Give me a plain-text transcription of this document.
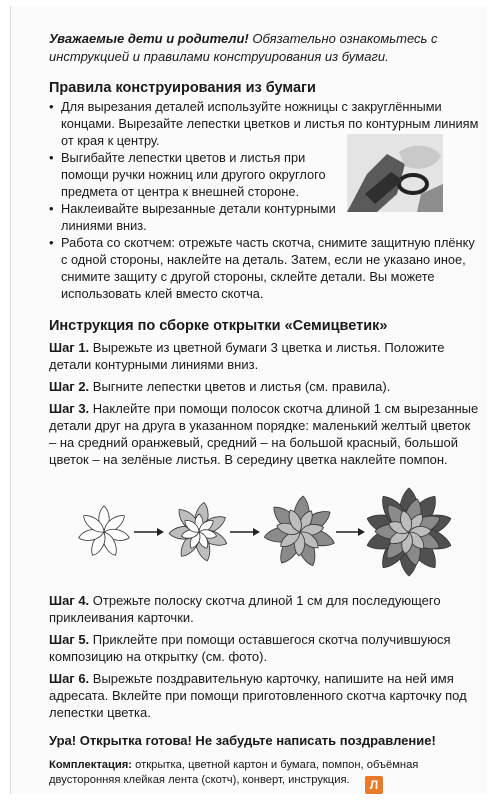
Уважаемые дети и родители! Обязательно ознакомьтесь с инструкцией и правилами конструирования из бумаги.

Правила конструирования из бумаги

• Для вырезания деталей используйте ножницы с закруглёнными концами. Вырезайте лепестки цветков и листья по контурным линиям от края к центру.

• Выгибайте лепестки цветов и листья при помощи ручки ножниц или другого округлого предмета от центра к внешней стороне.

• Наклеивайте вырезанные детали контурными линиями вниз.

• Работа со скотчем: отрежьте часть скотча, снимите защитную плёнку с одной стороны, наклейте на деталь. Затем, если не указано иное, снимите защиту с другой стороны, склейте детали. Вы можете использовать клей вместо скотча.

Инструкция по сборке открытки «Семицветик»

Шаг 1. Вырежьте из цветной бумаги 3 цветка и листья. Положите детали контурными линиями вниз.

Шаг 2. Выгните лепестки цветов и листья (см. правила).

Шаг 3. Наклейте при помощи полосок скотча длиной 1 см вырезанные детали друг на друга в указанном порядке: маленький желтый цветок – на средний оранжевый, средний – на большой красный, большой цветок – на зелёные листья. В середину цветка наклейте помпон.

Шаг 4. Отрежьте полоску скотча длиной 1 см для последующего приклеивания карточки.

Шаг 5. Приклейте при помощи оставшегося скотча получившуюся композицию на открытку (см. фото).

Шаг 6. Вырежьте поздравительную карточку, напишите на ней имя адресата. Вклейте при помощи приготовленного скотча карточку под лепестки цветка.

Ура! Открытка готова! Не забудьте написать поздравление!

Комплектация: открытка, цветной картон и бумага, помпон, объёмная двусторонняя клейкая лента (скотч), конверт, инструкция.	Л
